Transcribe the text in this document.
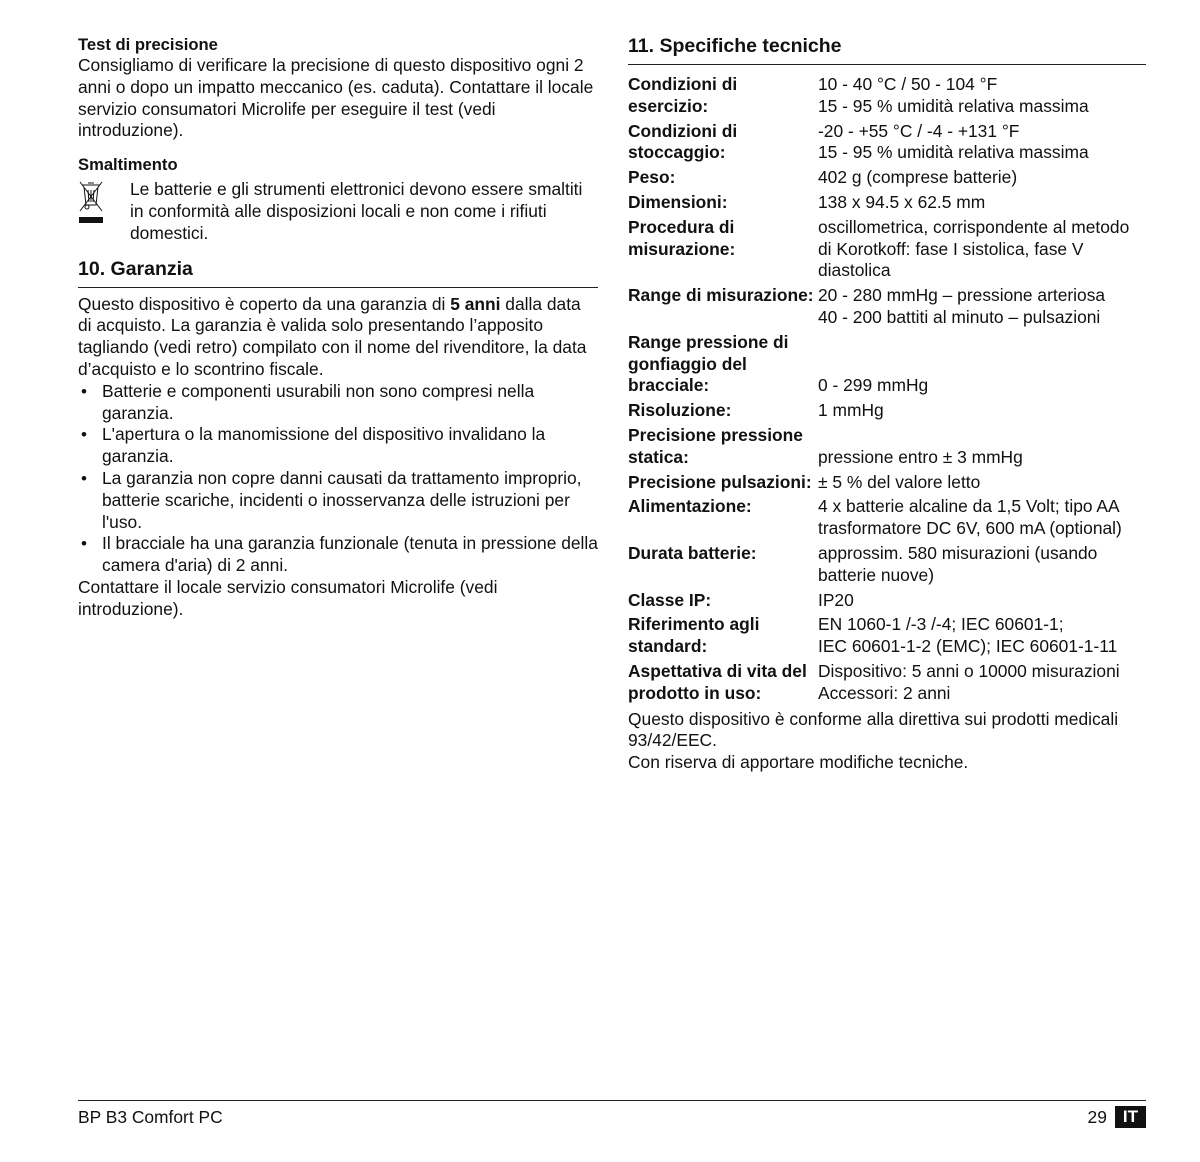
Test di precisione

Consigliamo di verificare la precisione di questo dispositivo ogni 2 anni o dopo un impatto meccanico (es. caduta). Contattare il locale servizio consumatori Microlife per eseguire il test (vedi introduzione).

Smaltimento

Le batterie e gli strumenti elettronici devono essere smaltiti in conformità alle disposizioni locali e non come i rifiuti domestici.

10. Garanzia

Questo dispositivo è coperto da una garanzia di 5 anni dalla data di acquisto. La garanzia è valida solo presentando l’apposito tagliando (vedi retro) compilato con il nome del rivenditore, la data d’acquisto e lo scontrino fiscale.

• Batterie e componenti usurabili non sono compresi nella garanzia.
• L'apertura o la manomissione del dispositivo invalidano la garanzia.
• La garanzia non copre danni causati da trattamento improprio, batterie scariche, incidenti o inosservanza delle istruzioni per l'uso.
• Il bracciale ha una garanzia funzionale (tenuta in pressione della camera d'aria) di 2 anni.

Contattare il locale servizio consumatori Microlife (vedi introduzione).

11. Specifiche tecniche
Condizioni di esercizio:
10 - 40 °C / 50 - 104 °F
15 - 95 % umidità relativa massima
Condizioni di stoccaggio:
-20 - +55 °C / -4 - +131 °F
15 - 95 % umidità relativa massima
Peso:	402 g (comprese batterie)
Dimensioni:	138 x 94.5 x 62.5 mm
Procedura di misurazione:
oscillometrica, corrispondente al metodo di Korotkoff: fase I sistolica, fase V diastolica
Range di misurazione: 20 - 280 mmHg – pressione arteriosa
40 - 200 battiti al minuto – pulsazioni
Range pressione di gonfiaggio del bracciale:	0 - 299 mmHg
Risoluzione:	1 mmHg
Precisione pressione statica:	pressione entro ± 3 mmHg
Precisione pulsazioni: ± 5 % del valore letto
Alimentazione:	4 x batterie alcaline da 1,5 Volt; tipo AA
trasformatore DC 6V, 600 mA (optional)
Durata batterie:	approssim. 580 misurazioni (usando batterie nuove)
Classe IP:	IP20
Riferimento agli standard:
EN 1060-1 /-3 /-4; IEC 60601-1;
IEC 60601-1-2 (EMC); IEC 60601-1-11
Aspettativa di vita del prodotto in uso:
Dispositivo: 5 anni o 10000 misurazioni
Accessori: 2 anni

Questo dispositivo è conforme alla direttiva sui prodotti medicali 93/42/EEC.

Con riserva di apportare modifiche tecniche.

BP B3 Comfort PC	29 IT
